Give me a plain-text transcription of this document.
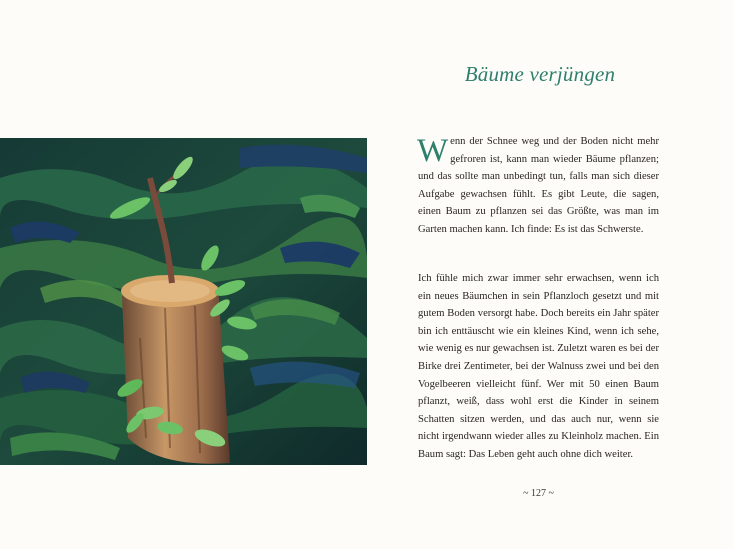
Bäume verjüngen

Wenn der Schnee weg und der Boden nicht mehr gefroren ist, kann man wieder Bäume pflanzen; und das sollte man unbedingt tun, falls man sich dieser Aufgabe gewachsen fühlt. Es gibt Leute, die sagen, einen Baum zu pflanzen sei das Größte, was man im Garten machen kann. Ich finde: Es ist das Schwerste.

Ich fühle mich zwar immer sehr erwachsen, wenn ich ein neues Bäumchen in sein Pflanzloch gesetzt und mit gutem Boden versorgt habe. Doch bereits ein Jahr später bin ich enttäuscht wie ein kleines Kind, wenn ich sehe, wie wenig es nur gewachsen ist. Zuletzt waren es bei der Birke drei Zentimeter, bei der Walnuss zwei und bei den Vogelbeeren vielleicht fünf. Wer mit 50 einen Baum pflanzt, weiß, dass wohl erst die Kinder in seinem Schatten sitzen werden, und das auch nur, wenn sie nicht irgendwann wieder alles zu Kleinholz machen. Ein Baum sagt: Das Leben geht auch ohne dich weiter.

~ 127 ~
